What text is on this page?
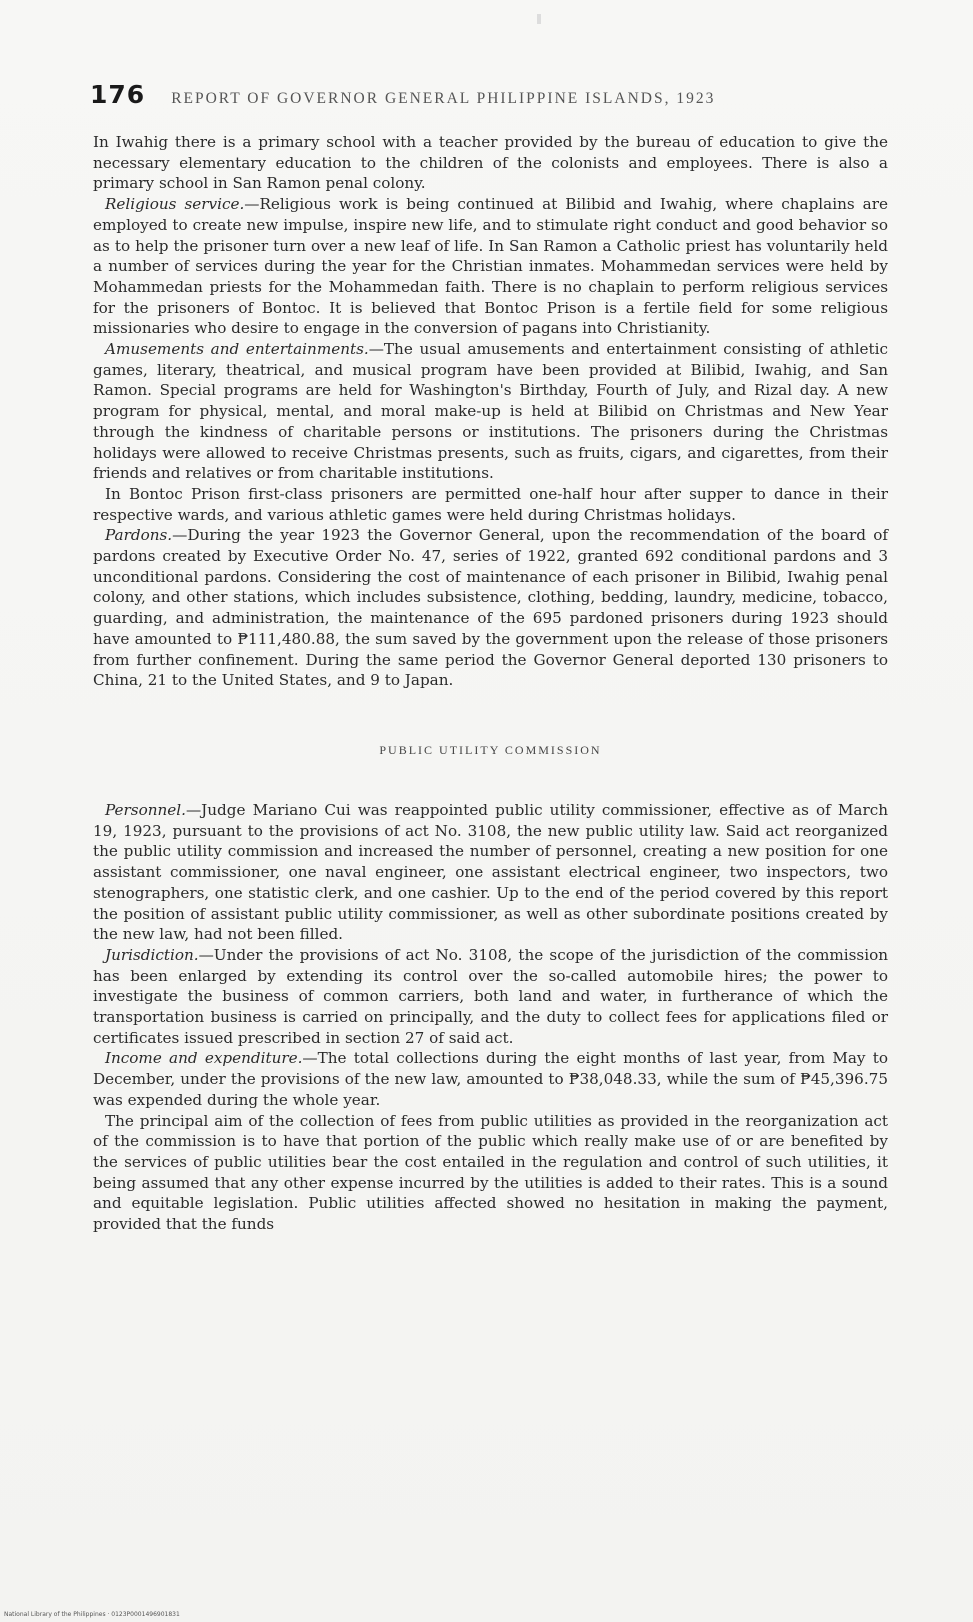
176 REPORT OF GOVERNOR GENERAL PHILIPPINE ISLANDS, 1923

In Iwahig there is a primary school with a teacher provided by the bureau of education to give the necessary elementary education to the children of the colonists and employees. There is also a primary school in San Ramon penal colony.

Religious service.—Religious work is being continued at Bilibid and Iwahig, where chaplains are employed to create new impulse, inspire new life, and to stimulate right conduct and good behavior so as to help the prisoner turn over a new leaf of life. In San Ramon a Catholic priest has voluntarily held a number of services during the year for the Christian inmates. Mohammedan services were held by Mohammedan priests for the Mohammedan faith. There is no chaplain to perform religious services for the prisoners of Bontoc. It is believed that Bontoc Prison is a fertile field for some religious missionaries who desire to engage in the conversion of pagans into Christianity.

Amusements and entertainments.—The usual amusements and entertainment consisting of athletic games, literary, theatrical, and musical program have been provided at Bilibid, Iwahig, and San Ramon. Special programs are held for Washington's Birthday, Fourth of July, and Rizal day. A new program for physical, mental, and moral make-up is held at Bilibid on Christmas and New Year through the kindness of charitable persons or institutions. The prisoners during the Christmas holidays were allowed to receive Christmas presents, such as fruits, cigars, and cigarettes, from their friends and relatives or from charitable institutions.

In Bontoc Prison first-class prisoners are permitted one-half hour after supper to dance in their respective wards, and various athletic games were held during Christmas holidays.

Pardons.—During the year 1923 the Governor General, upon the recommendation of the board of pardons created by Executive Order No. 47, series of 1922, granted 692 conditional pardons and 3 unconditional pardons. Considering the cost of maintenance of each prisoner in Bilibid, Iwahig penal colony, and other stations, which includes subsistence, clothing, bedding, laundry, medicine, tobacco, guarding, and administration, the maintenance of the 695 pardoned prisoners during 1923 should have amounted to ₱111,480.88, the sum saved by the government upon the release of those prisoners from further confinement. During the same period the Governor General deported 130 prisoners to China, 21 to the United States, and 9 to Japan.

PUBLIC UTILITY COMMISSION

Personnel.—Judge Mariano Cui was reappointed public utility commissioner, effective as of March 19, 1923, pursuant to the provisions of act No. 3108, the new public utility law. Said act reorganized the public utility commission and increased the number of personnel, creating a new position for one assistant commissioner, one naval engineer, one assistant electrical engineer, two inspectors, two stenographers, one statistic clerk, and one cashier. Up to the end of the period covered by this report the position of assistant public utility commissioner, as well as other subordinate positions created by the new law, had not been filled.

Jurisdiction.—Under the provisions of act No. 3108, the scope of the jurisdiction of the commission has been enlarged by extending its control over the so-called automobile hires; the power to investigate the business of common carriers, both land and water, in furtherance of which the transportation business is carried on principally, and the duty to collect fees for applications filed or certificates issued prescribed in section 27 of said act.

Income and expenditure.—The total collections during the eight months of last year, from May to December, under the provisions of the new law, amounted to ₱38,048.33, while the sum of ₱45,396.75 was expended during the whole year.

The principal aim of the collection of fees from public utilities as provided in the reorganization act of the commission is to have that portion of the public which really make use of or are benefited by the services of public utilities bear the cost entailed in the regulation and control of such utilities, it being assumed that any other expense incurred by the utilities is added to their rates. This is a sound and equitable legislation. Public utilities affected showed no hesitation in making the payment, provided that the funds

National Library of the Philippines · 0123P0001496901831
